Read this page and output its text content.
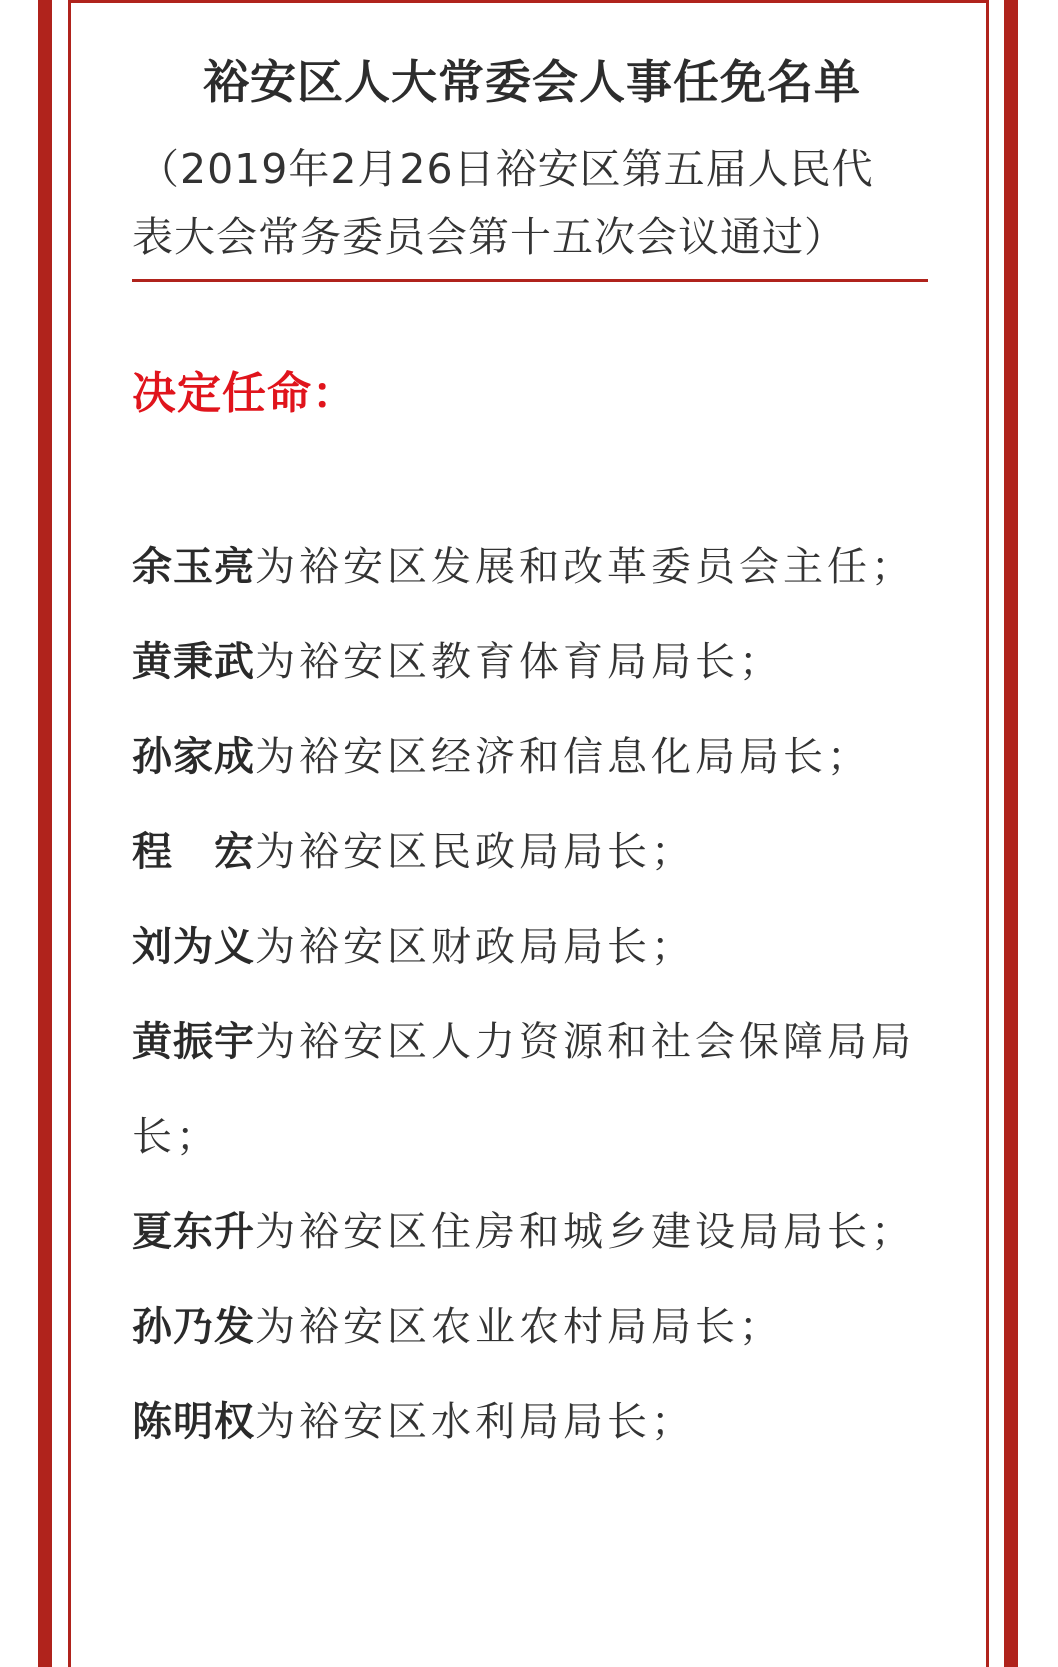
裕安区人大常委会人事任免名单
（2019年2月26日裕安区第五届人民代
表大会常务委员会第十五次会议通过）
决定任命：
余玉亮为裕安区发展和改革委员会主任；
黄秉武为裕安区教育体育局局长；
孙家成为裕安区经济和信息化局局长；
程　宏为裕安区民政局局长；
刘为义为裕安区财政局局长；
黄振宇为裕安区人力资源和社会保障局局长；
夏东升为裕安区住房和城乡建设局局长；
孙乃发为裕安区农业农村局局长；
陈明权为裕安区水利局局长；
